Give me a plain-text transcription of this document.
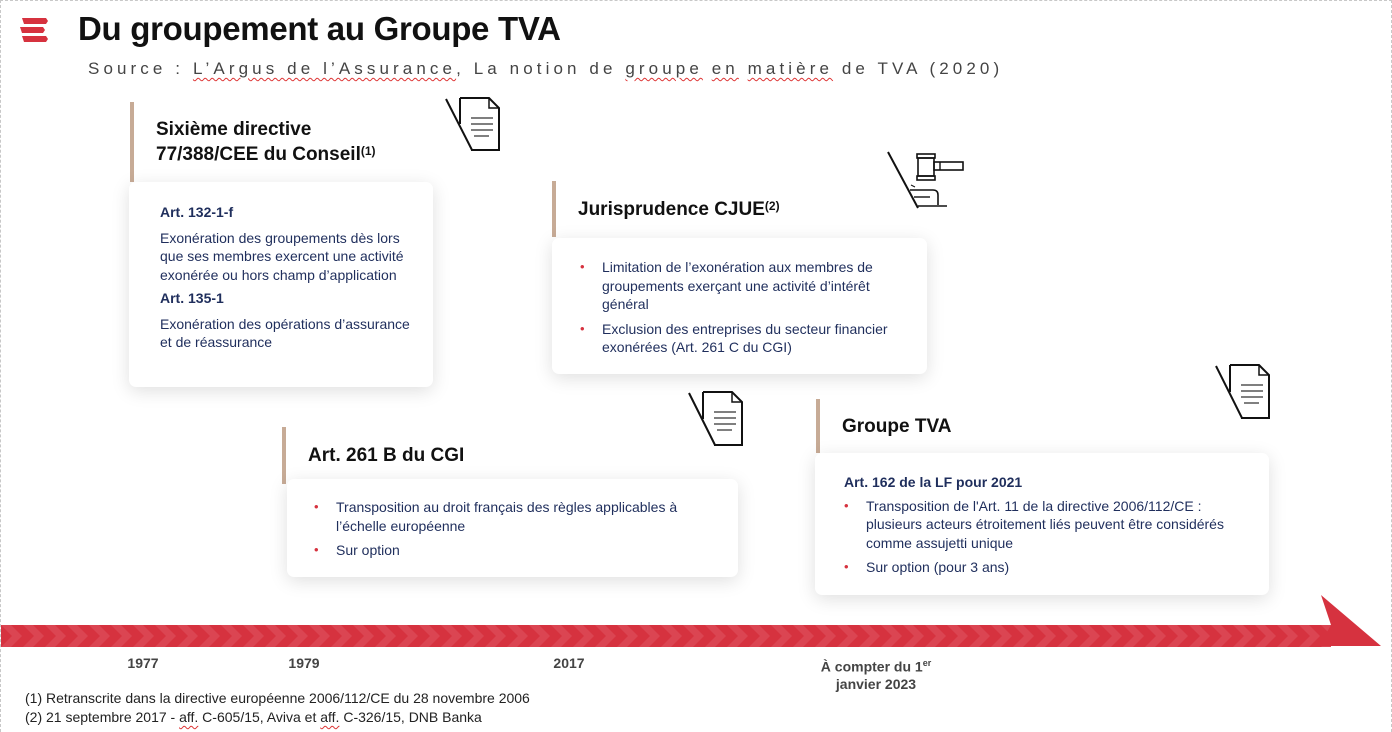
Du groupement au Groupe TVA
Source : L’Argus de l’Assurance, La notion de groupe en matière de TVA (2020)
Sixième directive
77/388/CEE du Conseil$^{(1)}$

Art. 132-1-f

Exonération des groupements dès lors que ses membres exercent une activité exonérée ou hors champ d’application

Art. 135-1

Exonération des opérations d’assurance et de réassurance

Jurisprudence CJUE$^{(2)}$
• Limitation de l’exonération aux membres de groupements exerçant une activité d’intérêt général
• Exclusion des entreprises du secteur financier exonérées (Art. 261 C du CGI)
Art. 261 B du CGI
• Transposition au droit français des règles applicables à l’échelle européenne
• Sur option
Groupe TVA

Art. 162 de la LF pour 2021

• Transposition de l'Art. 11 de la directive 2006/112/CE : plusieurs acteurs étroitement liés peuvent être considérés comme assujetti unique
• Sur option (pour 3 ans)
1977	1979	2017	À compter du 1er
janvier 2023
(1) Retranscrite dans la directive européenne 2006/112/CE du 28 novembre 2006
(2) 21 septembre 2017 - aff. C-605/15, Aviva et aff. C-326/15, DNB Banka
